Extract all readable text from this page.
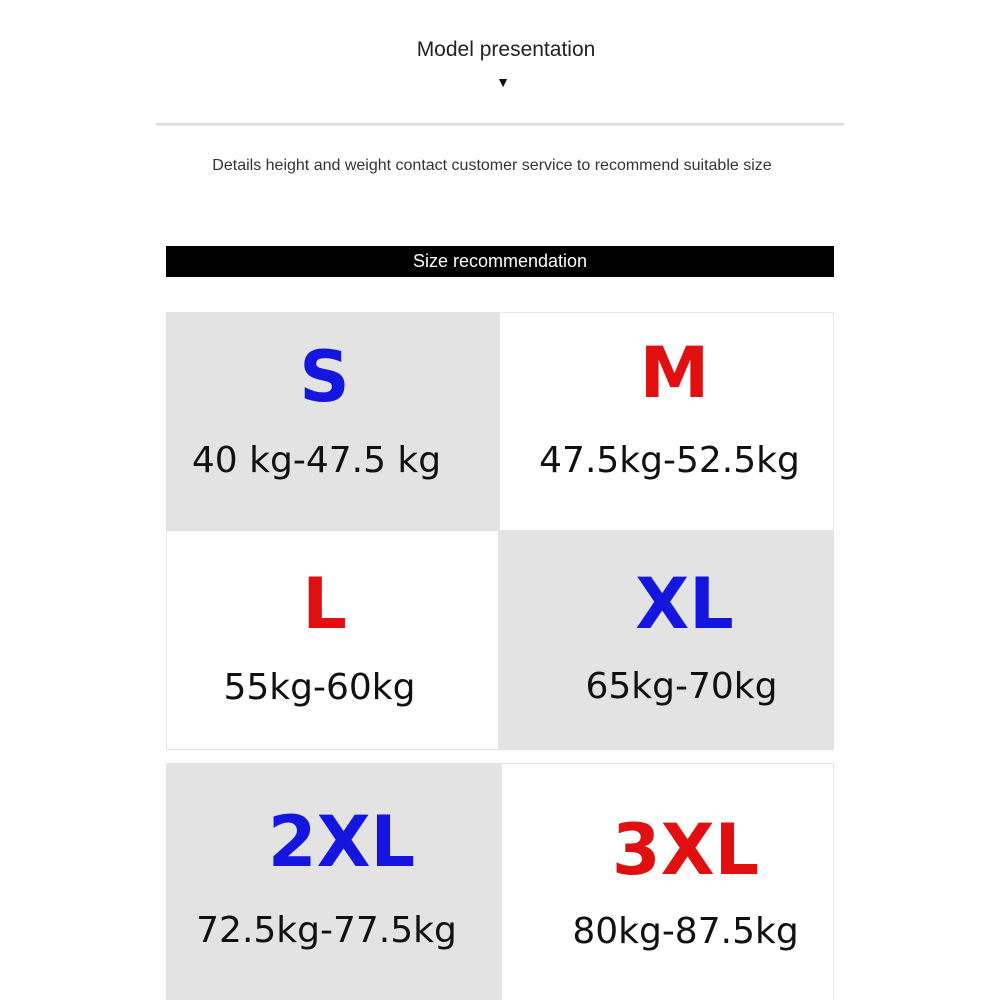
Model presentation
▼
Details height and weight contact customer service to recommend suitable size
Size recommendation
S
40 kg-47.5 kg
M
47.5kg-52.5kg
L
55kg-60kg
XL
65kg-70kg
2XL
72.5kg-77.5kg
3XL
80kg-87.5kg
